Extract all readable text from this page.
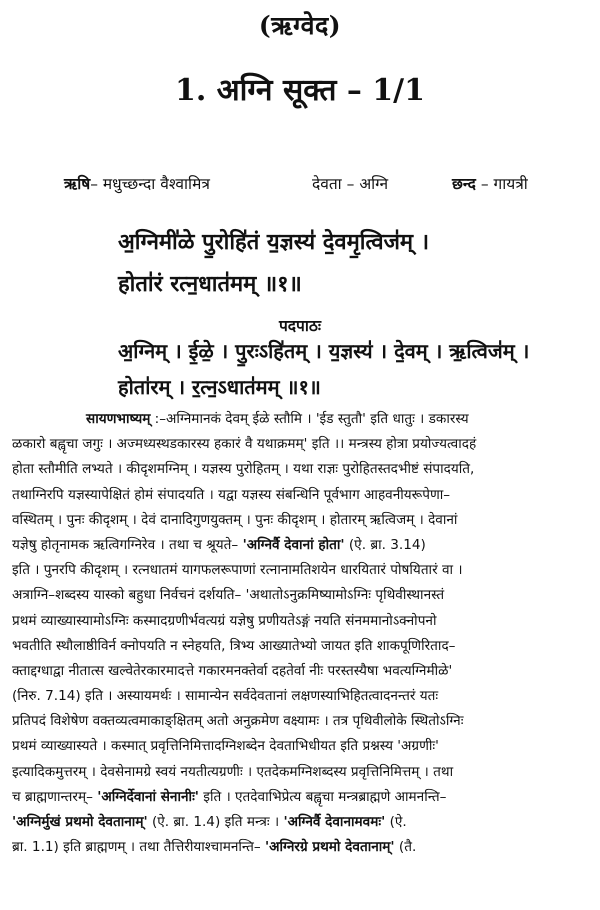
(ऋग्वेद)
1. अग्नि सूक्त – 1/1
ऋषि– मधुच्छन्दा वैश्वामित्र	देवता – अग्नि	छन्द – गायत्री
अ॒ग्निमी॑ळे पु॒रोहि॑तं य॒ज्ञस्य॑ दे॒वमृ॒त्विज॑म् ।
होता॑रं रत्न॒धात॑मम् ॥१॥
पदपाठः
अ॒ग्निम् । ई॒ळे॒ । पु॒रःऽहि॑तम् । य॒ज्ञस्य॑ । दे॒वम् । ऋ॒त्विज॑म् ।
होता॑रम् । र॒त्न॒ऽधात॑मम् ॥१॥
सायणभाष्यम् :–अग्निमानकं देवम् ईळे स्तौमि । 'ईड स्तुतौ' इति धातुः । डकारस्य
ळकारो बह्वृचा जगुः । अज्मध्यस्थडकारस्य हकारं वै यथाक्रमम्' इति ।। मन्त्रस्य होत्रा प्रयोज्यत्वादहं
होता स्तौमीति लभ्यते । कीदृशमग्निम् । यज्ञस्य पुरोहितम् । यथा राज्ञः पुरोहितस्तदभीष्टं संपादयति,
तथाग्निरपि यज्ञस्यापेक्षितं होमं संपादयति । यद्वा यज्ञस्य संबन्धिनि पूर्वभाग आहवनीयरूपेणा–
वस्थितम् । पुनः कीदृशम् । देवं दानादिगुणयुक्तम् । पुनः कीदृशम् । होतारम् ऋत्विजम् । देवानां
यज्ञेषु होतृनामक ऋत्विगग्निरेव । तथा च श्रूयते– 'अग्निर्वै देवानां होता' (ऐ. ब्रा. 3.14)
इति । पुनरपि कीदृशम् । रत्नधातमं यागफलरूपाणां रत्नानामतिशयेन धारयितारं पोषयितारं वा ।
अत्राग्नि–शब्दस्य यास्को बहुधा निर्वचनं दर्शयति– 'अथातोऽनुक्रमिष्यामोऽग्निः पृथिवीस्थानस्तं
प्रथमं व्याख्यास्यामोऽग्निः कस्मादग्रणीर्भवत्यग्रं यज्ञेषु प्रणीयतेऽङ्गं नयति संनममानोऽक्नोपनो
भवतीति स्थौलाष्ठीविर्न क्नोपयति न स्नेहयति, त्रिभ्य आख्यातेभ्यो जायत इति शाकपूणिरिताद–
क्ताद्दग्धाद्वा नीतात्स खल्वेतेरकारमादत्ते गकारमनक्तेर्वा दहतेर्वा नीः परस्तस्यैषा भवत्यग्निमीळे'
(निरु. 7.14) इति । अस्यायमर्थः । सामान्येन सर्वदेवतानां लक्षणस्याभिहितत्वादनन्तरं यतः
प्रतिपदं विशेषेण वक्तव्यत्वमाकाङ्क्षितम् अतो अनुक्रमेण वक्ष्यामः । तत्र पृथिवीलोके स्थितोऽग्निः
प्रथमं व्याख्यास्यते । कस्मात् प्रवृत्तिनिमित्तादग्निशब्देन देवताभिधीयत इति प्रश्नस्य 'अग्रणीः'
इत्यादिकमुत्तरम् । देवसेनामग्रे स्वयं नयतीत्यग्रणीः । एतदेकमग्निशब्दस्य प्रवृत्तिनिमित्तम् । तथा
च ब्राह्मणान्तरम्– 'अग्निर्देवानां सेनानीः' इति । एतदेवाभिप्रेत्य बह्वृचा मन्त्रब्राह्मणे आमनन्ति–
'अग्निर्मुखं प्रथमो देवतानाम्' (ऐ. ब्रा. 1.4) इति मन्त्रः । 'अग्निर्वै देवानामवमः' (ऐ.
ब्रा. 1.1) इति ब्राह्मणम् । तथा तैत्तिरीयाश्चामनन्ति– 'अग्निरग्रे प्रथमो देवतानाम्' (तै.
